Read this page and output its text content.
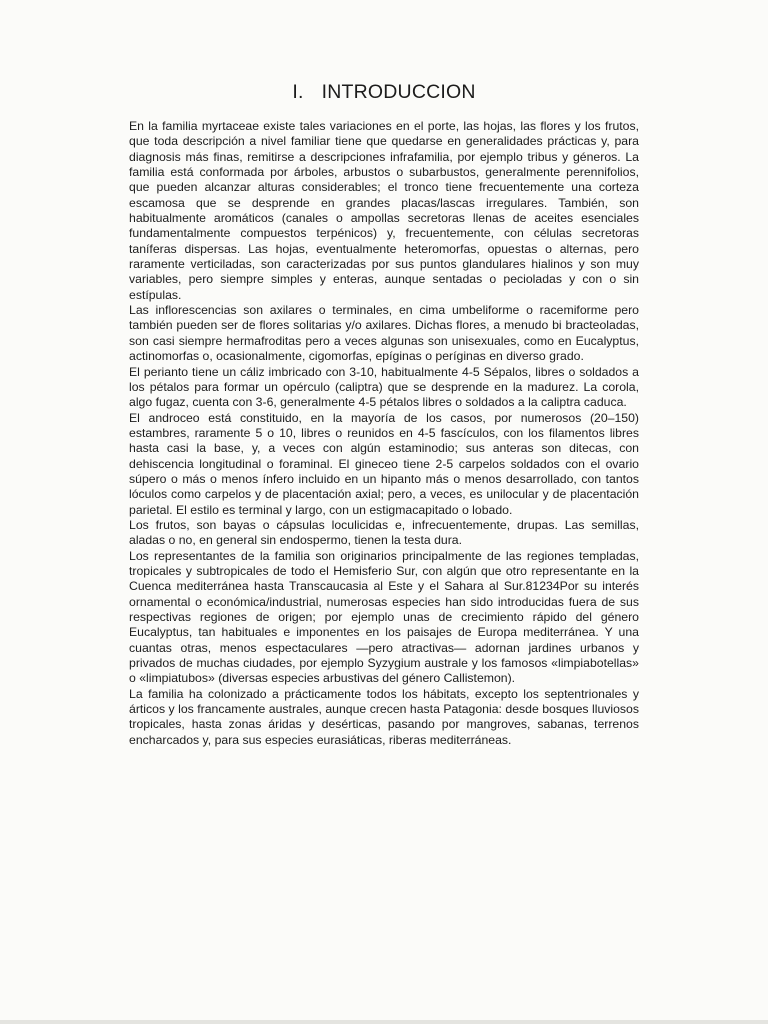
I. INTRODUCCION

En la familia myrtaceae existe tales variaciones en el porte, las hojas, las flores y los frutos, que toda descripción a nivel familiar tiene que quedarse en generalidades prácticas y, para diagnosis más finas, remitirse a descripciones infrafamilia, por ejemplo tribus y géneros. La familia está conformada por árboles, arbustos o subarbustos, generalmente perennifolios, que pueden alcanzar alturas considerables; el tronco tiene frecuentemente una corteza escamosa que se desprende en grandes placas/lascas irregulares. También, son habitualmente aromáticos (canales o ampollas secretoras llenas de aceites esenciales fundamentalmente compuestos terpénicos) y, frecuentemente, con células secretoras taníferas dispersas. Las hojas, eventualmente heteromorfas, opuestas o alternas, pero raramente verticiladas, son caracterizadas por sus puntos glandulares hialinos y son muy variables, pero siempre simples y enteras, aunque sentadas o pecioladas y con o sin estípulas.

Las inflorescencias son axilares o terminales, en cima umbeliforme o racemiforme pero también pueden ser de flores solitarias y/o axilares. Dichas flores, a menudo bi bracteoladas, son casi siempre hermafroditas pero a veces algunas son unisexuales, como en Eucalyptus, actinomorfas o, ocasionalmente, cigomorfas, epíginas o períginas en diverso grado.

El perianto tiene un cáliz imbricado con 3-10, habitualmente 4-5 Sépalos, libres o soldados a los pétalos para formar un opérculo (caliptra) que se desprende en la madurez. La corola, algo fugaz, cuenta con 3-6, generalmente 4-5 pétalos libres o soldados a la caliptra caduca.

El androceo está constituido, en la mayoría de los casos, por numerosos (20–150) estambres, raramente 5 o 10, libres o reunidos en 4-5 fascículos, con los filamentos libres hasta casi la base, y, a veces con algún estaminodio; sus anteras son ditecas, con dehiscencia longitudinal o foraminal. El gineceo tiene 2-5 carpelos soldados con el ovario súpero o más o menos ínfero incluido en un hipanto más o menos desarrollado, con tantos lóculos como carpelos y de placentación axial; pero, a veces, es unilocular y de placentación parietal. El estilo es terminal y largo, con un estigmacapitado o lobado.

Los frutos, son bayas o cápsulas loculicidas e, infrecuentemente, drupas. Las semillas, aladas o no, en general sin endospermo, tienen la testa dura.

Los representantes de la familia son originarios principalmente de las regiones templadas, tropicales y subtropicales de todo el Hemisferio Sur, con algún que otro representante en la Cuenca mediterránea hasta Transcaucasia al Este y el Sahara al Sur.81234Por su interés ornamental o económica/industrial, numerosas especies han sido introducidas fuera de sus respectivas regiones de origen; por ejemplo unas de crecimiento rápido del género Eucalyptus, tan habituales e imponentes en los paisajes de Europa mediterránea. Y una cuantas otras, menos espectaculares —pero atractivas— adornan jardines urbanos y privados de muchas ciudades, por ejemplo Syzygium australe y los famosos «limpiabotellas» o «limpiatubos» (diversas especies arbustivas del género Callistemon).

La familia ha colonizado a prácticamente todos los hábitats, excepto los septentrionales y árticos y los francamente australes, aunque crecen hasta Patagonia: desde bosques lluviosos tropicales, hasta zonas áridas y desérticas, pasando por mangroves, sabanas, terrenos encharcados y, para sus especies eurasiáticas, riberas mediterráneas.
